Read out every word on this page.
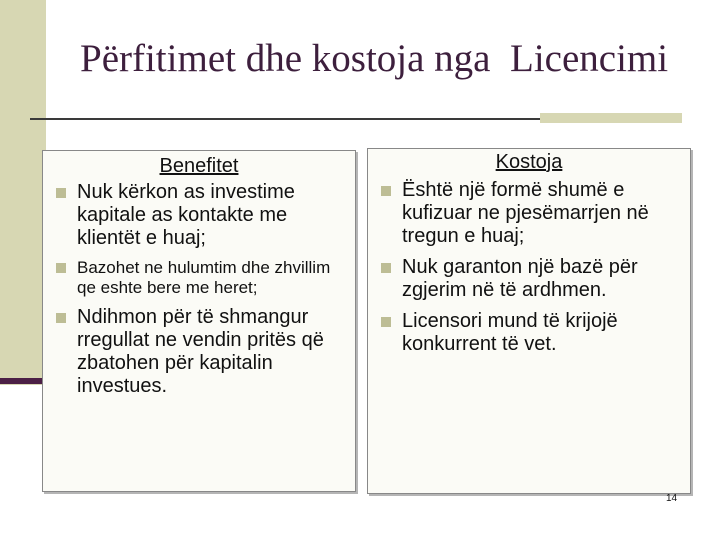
Përfitimet dhe kostoja nga  Licencimi
Benefitet
Nuk kërkon as investime kapitale as kontakte me klientët e huaj;
Bazohet ne hulumtim dhe zhvillim qe eshte bere me heret;
Ndihmon për të shmangur rregullat ne vendin pritës që zbatohen për kapitalin investues.
Kostoja
Është një formë shumë e kufizuar ne pjesëmarrjen në tregun e huaj;
Nuk garanton një bazë për zgjerim në të ardhmen.
Licensori mund të krijojë konkurrent të vet.
14
